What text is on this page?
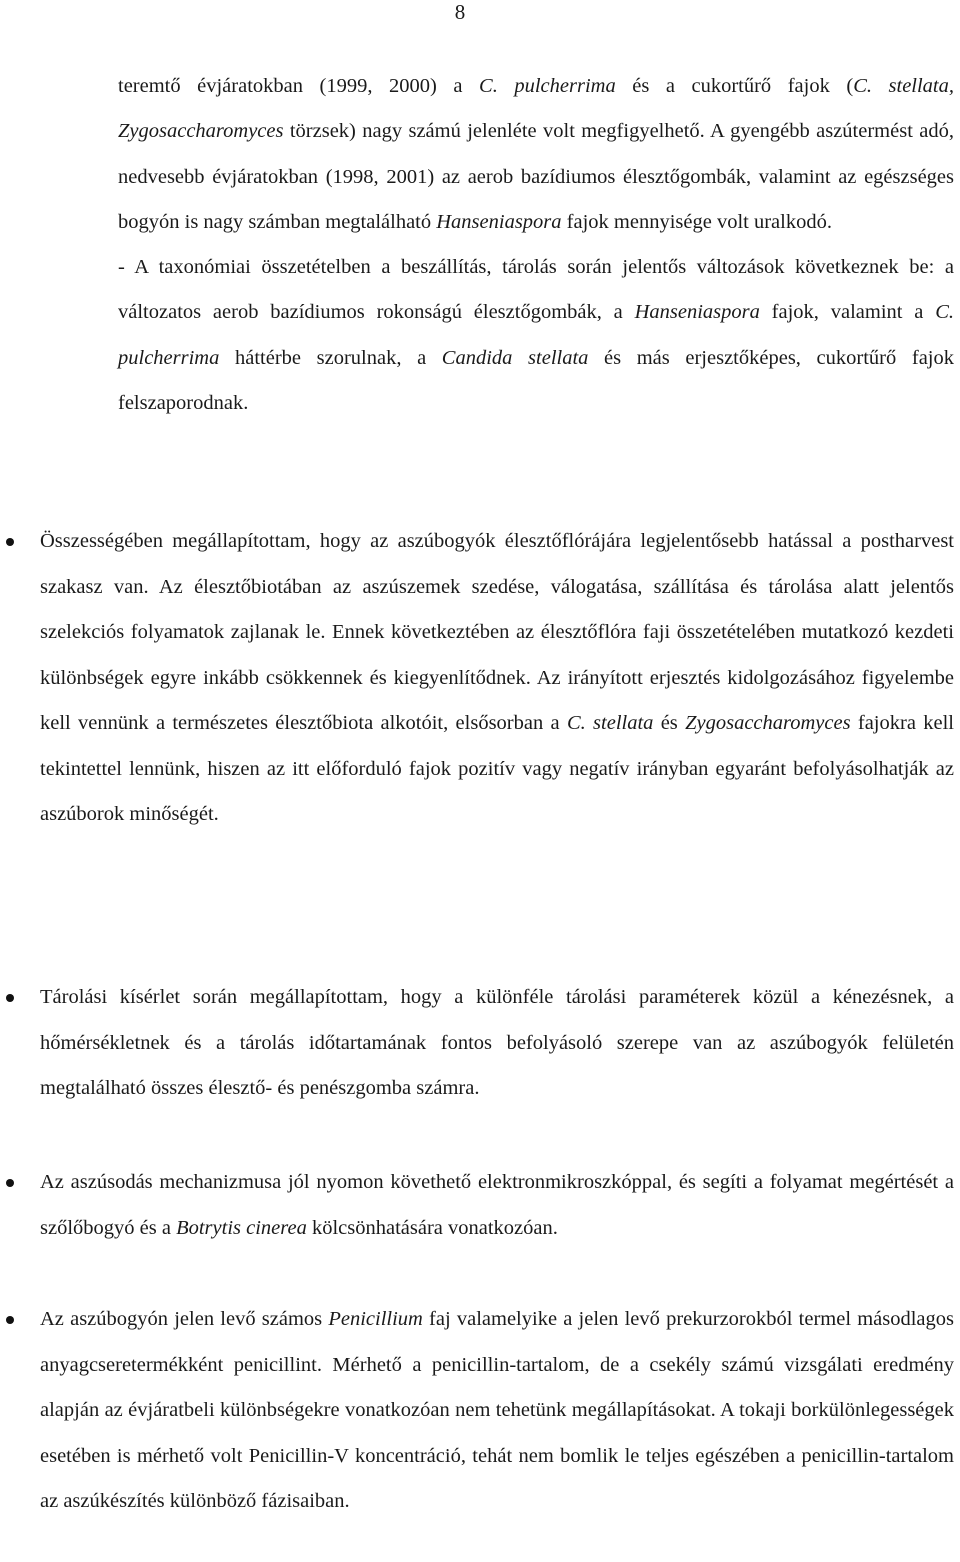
8

teremtő évjáratokban (1999, 2000) a C. pulcherrima és a cukortűrő fajok (C. stellata, Zygosaccharomyces törzsek) nagy számú jelenléte volt megfigyelhető. A gyengébb aszútermést adó, nedvesebb évjáratokban (1998, 2001) az aerob bazídiumos élesztőgombák, valamint az egészséges bogyón is nagy számban megtalálható Hanseniaspora fajok mennyisége volt uralkodó.

- A taxonómiai összetételben a beszállítás, tárolás során jelentős változások következnek be: a változatos aerob bazídiumos rokonságú élesztőgombák, a Hanseniaspora fajok, valamint a C. pulcherrima háttérbe szorulnak, a Candida stellata és más erjesztőképes, cukortűrő fajok felszaporodnak.

Összességében megállapítottam, hogy az aszúbogyók élesztőflórájára legjelentősebb hatással a postharvest szakasz van. Az élesztőbiotában az aszúszemek szedése, válogatása, szállítása és tárolása alatt jelentős szelekciós folyamatok zajlanak le. Ennek következtében az élesztőflóra faji összetételében mutatkozó kezdeti különbségek egyre inkább csökkennek és kiegyenlítődnek. Az irányított erjesztés kidolgozásához figyelembe kell vennünk a természetes élesztőbiota alkotóit, elsősorban a C. stellata és Zygosaccharomyces fajokra kell tekintettel lennünk, hiszen az itt előforduló fajok pozitív vagy negatív irányban egyaránt befolyásolhatják az aszúborok minőségét.

Tárolási kísérlet során megállapítottam, hogy a különféle tárolási paraméterek közül a kénezésnek, a hőmérsékletnek és a tárolás időtartamának fontos befolyásoló szerepe van az aszúbogyók felületén megtalálható összes élesztő- és penészgomba számra.

Az aszúsodás mechanizmusa jól nyomon követhető elektronmikroszkóppal, és segíti a folyamat megértését a szőlőbogyó és a Botrytis cinerea kölcsönhatására vonatkozóan.

Az aszúbogyón jelen levő számos Penicillium faj valamelyike a jelen levő prekurzorokból termel másodlagos anyagcseretermékként penicillint. Mérhető a penicillin-tartalom, de a csekély számú vizsgálati eredmény alapján az évjáratbeli különbségekre vonatkozóan nem tehetünk megállapításokat. A tokaji borkülönlegességek esetében is mérhető volt Penicillin-V koncentráció, tehát nem bomlik le teljes egészében a penicillin-tartalom az aszúkészítés különböző fázisaiban.
